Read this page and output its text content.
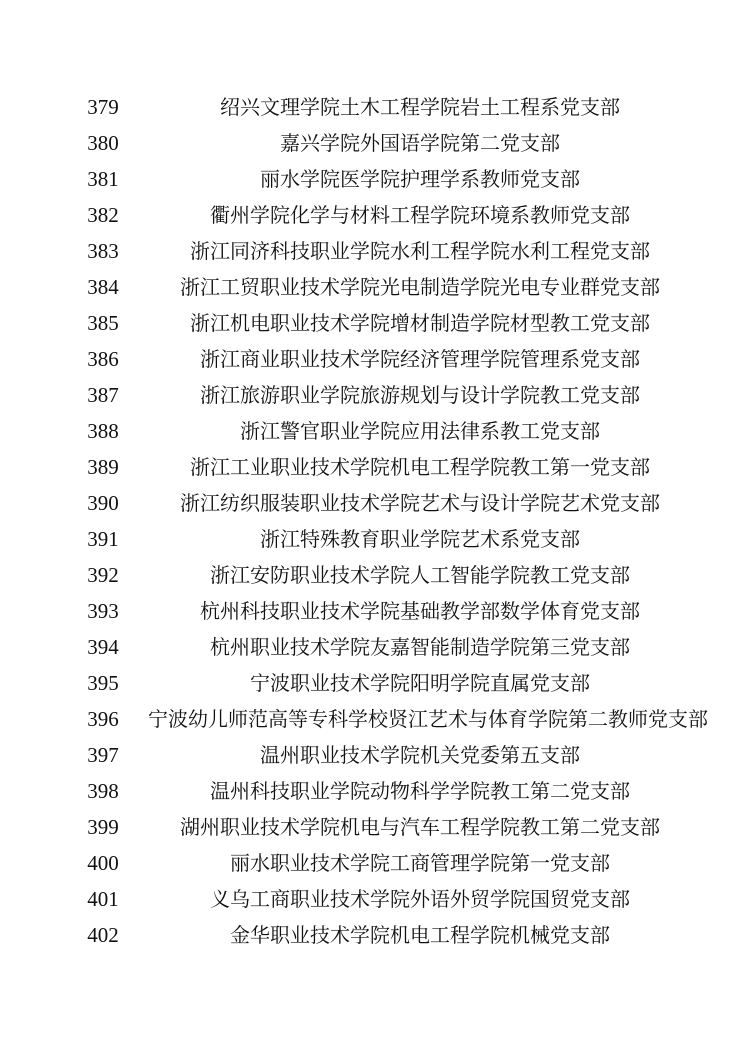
379	绍兴文理学院土木工程学院岩土工程系党支部
380	嘉兴学院外国语学院第二党支部
381	丽水学院医学院护理学系教师党支部
382	衢州学院化学与材料工程学院环境系教师党支部
383	浙江同济科技职业学院水利工程学院水利工程党支部
384	浙江工贸职业技术学院光电制造学院光电专业群党支部
385	浙江机电职业技术学院增材制造学院材型教工党支部
386	浙江商业职业技术学院经济管理学院管理系党支部
387	浙江旅游职业学院旅游规划与设计学院教工党支部
388	浙江警官职业学院应用法律系教工党支部
389	浙江工业职业技术学院机电工程学院教工第一党支部
390	浙江纺织服装职业技术学院艺术与设计学院艺术党支部
391	浙江特殊教育职业学院艺术系党支部
392	浙江安防职业技术学院人工智能学院教工党支部
393	杭州科技职业技术学院基础教学部数学体育党支部
394	杭州职业技术学院友嘉智能制造学院第三党支部
395	宁波职业技术学院阳明学院直属党支部
396	宁波幼儿师范高等专科学校贤江艺术与体育学院第二教师党支部
397	温州职业技术学院机关党委第五支部
398	温州科技职业学院动物科学学院教工第二党支部
399	湖州职业技术学院机电与汽车工程学院教工第二党支部
400	丽水职业技术学院工商管理学院第一党支部
401	义乌工商职业技术学院外语外贸学院国贸党支部
402	金华职业技术学院机电工程学院机械党支部
